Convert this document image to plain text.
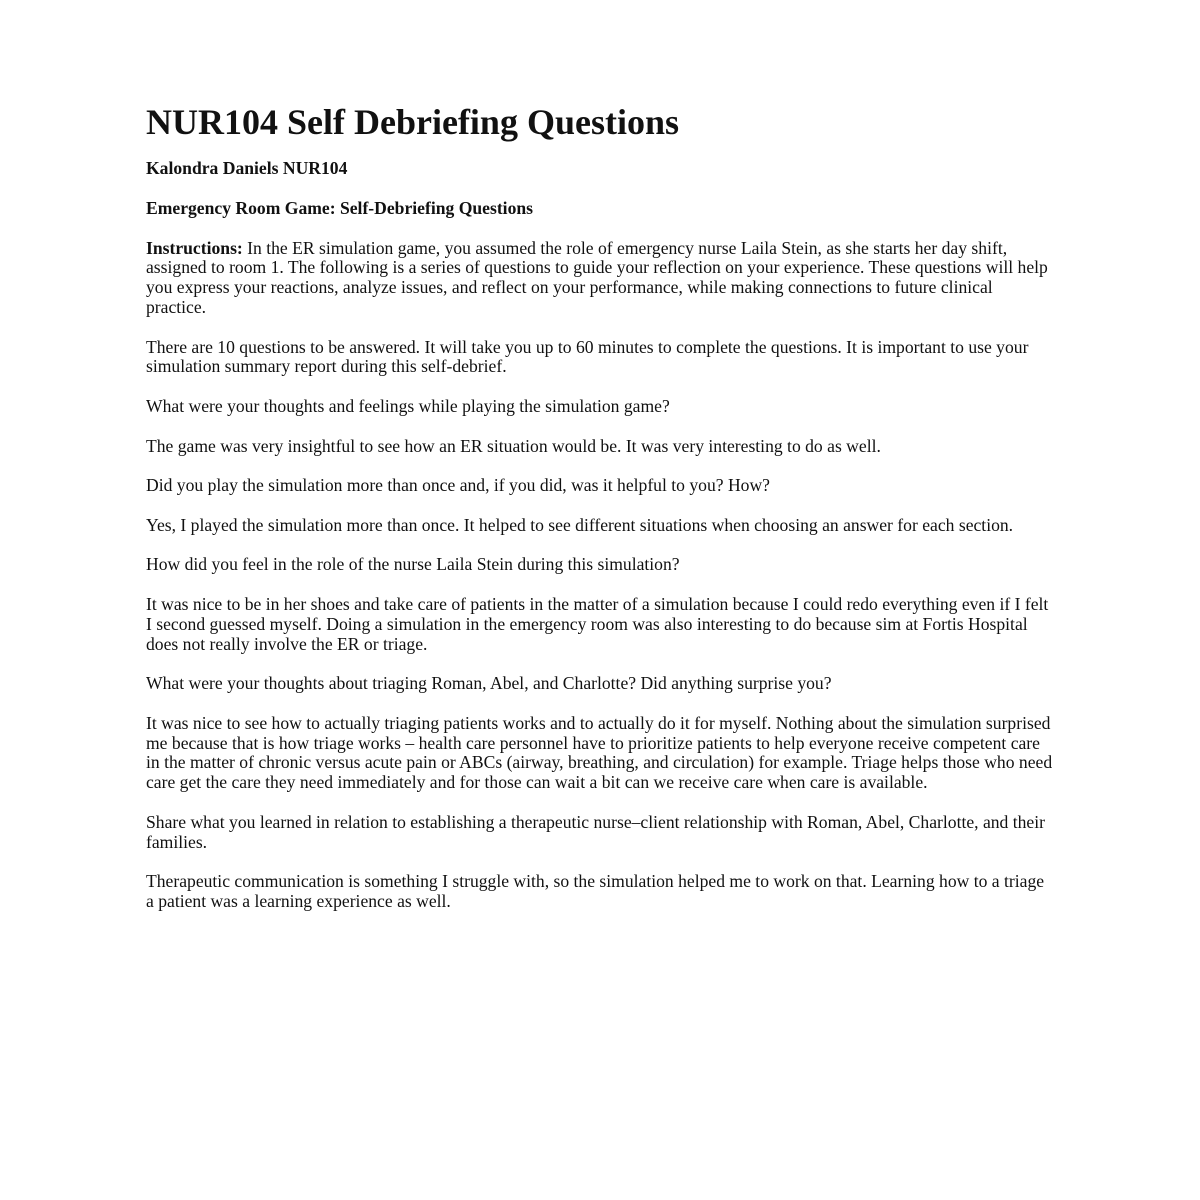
NUR104 Self Debriefing Questions
Kalondra Daniels NUR104
Emergency Room Game: Self-Debriefing Questions

Instructions: In the ER simulation game, you assumed the role of emergency nurse Laila Stein, as she starts her day shift, assigned to room 1. The following is a series of questions to guide your reflection on your experience. These questions will help you express your reactions, analyze issues, and reflect on your performance, while making connections to future clinical practice.

There are 10 questions to be answered. It will take you up to 60 minutes to complete the questions. It is important to use your simulation summary report during this self-debrief.

What were your thoughts and feelings while playing the simulation game?

The game was very insightful to see how an ER situation would be. It was very interesting to do as well.

Did you play the simulation more than once and, if you did, was it helpful to you? How?

Yes, I played the simulation more than once. It helped to see different situations when choosing an answer for each section.

How did you feel in the role of the nurse Laila Stein during this simulation?

It was nice to be in her shoes and take care of patients in the matter of a simulation because I could redo everything even if I felt I second guessed myself. Doing a simulation in the emergency room was also interesting to do because sim at Fortis Hospital does not really involve the ER or triage.

What were your thoughts about triaging Roman, Abel, and Charlotte? Did anything surprise you?

It was nice to see how to actually triaging patients works and to actually do it for myself. Nothing about the simulation surprised me because that is how triage works – health care personnel have to prioritize patients to help everyone receive competent care in the matter of chronic versus acute pain or ABCs (airway, breathing, and circulation) for example. Triage helps those who need care get the care they need immediately and for those can wait a bit can we receive care when care is available.

Share what you learned in relation to establishing a therapeutic nurse–client relationship with Roman, Abel, Charlotte, and their families.

Therapeutic communication is something I struggle with, so the simulation helped me to work on that. Learning how to a triage a patient was a learning experience as well.
